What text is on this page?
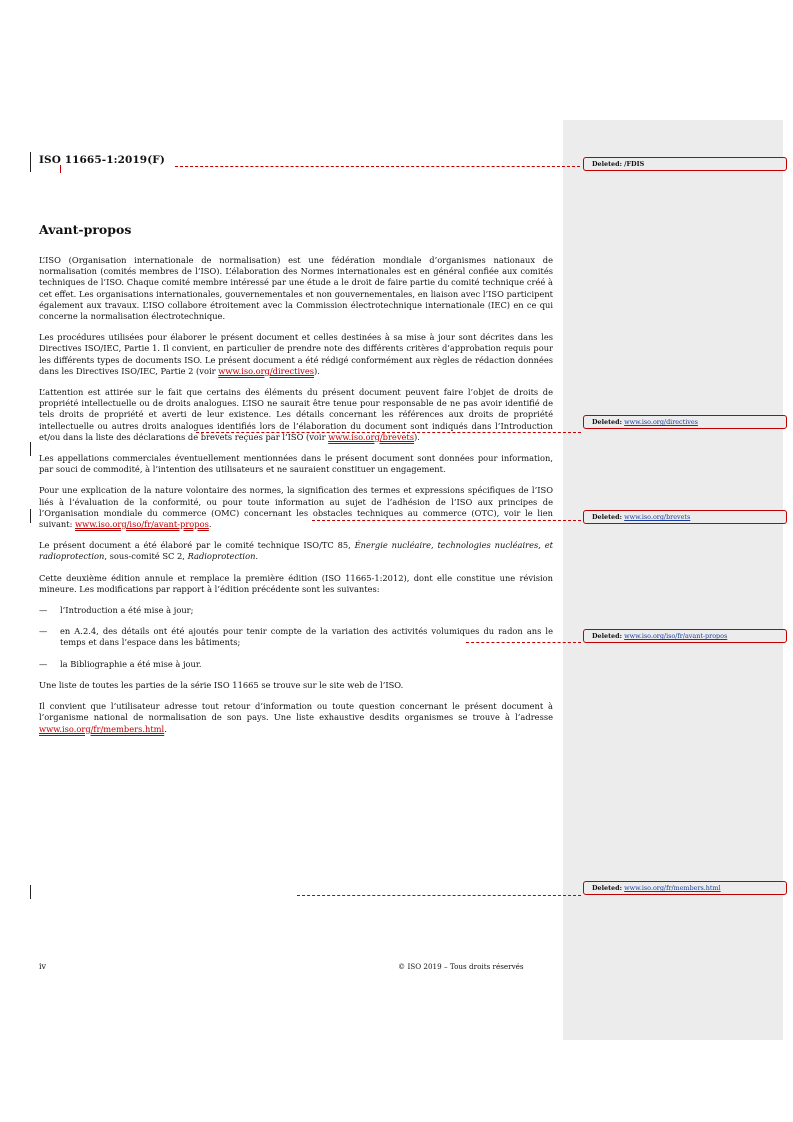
ISO 11665-1:2019(F)
Avant-propos

L’ISO (Organisation internationale de normalisation) est une fédération mondiale d’organismes nationaux de normalisation (comités membres de l’ISO). L’élaboration des Normes internationales est en général confiée aux comités techniques de l’ISO. Chaque comité membre intéressé par une étude a le droit de faire partie du comité technique créé à cet effet. Les organisations internationales, gouvernementales et non gouvernementales, en liaison avec l’ISO participent également aux travaux. L’ISO collabore étroitement avec la Commission électrotechnique internationale (IEC) en ce qui concerne la normalisation électrotechnique.

Les procédures utilisées pour élaborer le présent document et celles destinées à sa mise à jour sont décrites dans les Directives ISO/IEC, Partie 1. Il convient, en particulier de prendre note des différents critères d’approbation requis pour les différents types de documents ISO. Le présent document a été rédigé conformément aux règles de rédaction données dans les Directives ISO/IEC, Partie 2 (voir www.iso.org/directives).

L’attention est attirée sur le fait que certains des éléments du présent document peuvent faire l’objet de droits de propriété intellectuelle ou de droits analogues. L’ISO ne saurait être tenue pour responsable de ne pas avoir identifié de tels droits de propriété et averti de leur existence. Les détails concernant les références aux droits de propriété intellectuelle ou autres droits analogues identifiés lors de l’élaboration du document sont indiqués dans l’Introduction et/ou dans la liste des déclarations de brevets reçues par l’ISO (voir www.iso.org/brevets).

Les appellations commerciales éventuellement mentionnées dans le présent document sont données pour information, par souci de commodité, à l’intention des utilisateurs et ne sauraient constituer un engagement.

Pour une explication de la nature volontaire des normes, la signification des termes et expressions spécifiques de l’ISO liés à l’évaluation de la conformité, ou pour toute information au sujet de l’adhésion de l’ISO aux principes de l’Organisation mondiale du commerce (OMC) concernant les obstacles techniques au commerce (OTC), voir le lien suivant: www.iso.org/iso/fr/avant-propos.

Le présent document a été élaboré par le comité technique ISO/TC 85, Énergie nucléaire, technologies nucléaires, et radioprotection, sous-comité SC 2, Radioprotection.

Cette deuxième édition annule et remplace la première édition (ISO 11665-1:2012), dont elle constitue une révision mineure. Les modifications par rapport à l’édition précédente sont les suivantes:

—	l’Introduction a été mise à jour;
—	en A.2.4, des détails ont été ajoutés pour tenir compte de la variation des activités volumiques du radon ans le temps et dans l’espace dans les bâtiments;
—	la Bibliographie a été mise à jour.

Une liste de toutes les parties de la série ISO 11665 se trouve sur le site web de l’ISO.

Il convient que l’utilisateur adresse tout retour d’information ou toute question concernant le présent document à l’organisme national de normalisation de son pays. Une liste exhaustive desdits organismes se trouve à l’adresse www.iso.org/fr/members.html.

Deleted: /FDIS
Deleted: www.iso.org/directives
Deleted: www.iso.org/brevets
Deleted: www.iso.org/iso/fr/avant-propos
Deleted: www.iso.org/fr/members.html
iv	© ISO 2019 – Tous droits réservés
